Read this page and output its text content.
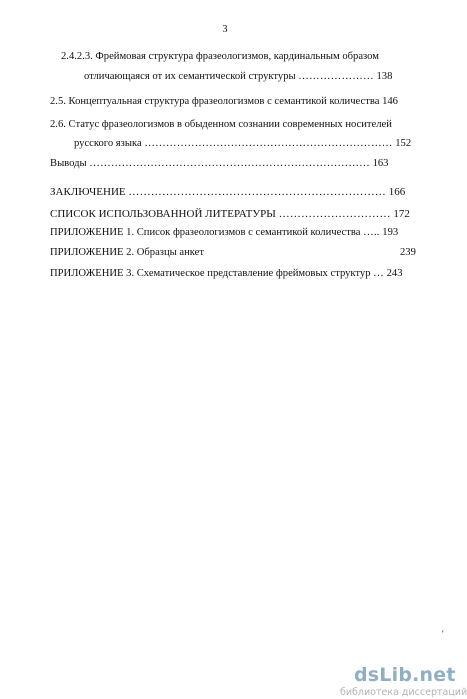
3
2.4.2.3. Фреймовая структура фразеологизмов, кардинальным образом
отличающаяся от их семантической структуры ………………… 138
2.5. Концептуальная структура фразеологизмов с семантикой количества 146
2.6. Статус фразеологизмов в обыденном сознании современных носителей
русского языка …………………………………………………………… 152
Выводы …………………………………………………………………… 163
ЗАКЛЮЧЕНИЕ …………………………………………………………… 166
СПИСОК ИСПОЛЬЗОВАННОЙ ЛИТЕРАТУРЫ ………………………… 172
ПРИЛОЖЕНИЕ 1. Список фразеологизмов с семантикой количества ….. 193
ПРИЛОЖЕНИЕ 2. Образцы анкет	239
ПРИЛОЖЕНИЕ 3. Схематическое представление фреймовых структур … 243
'
dsLib.net
библиотека диссертаций
